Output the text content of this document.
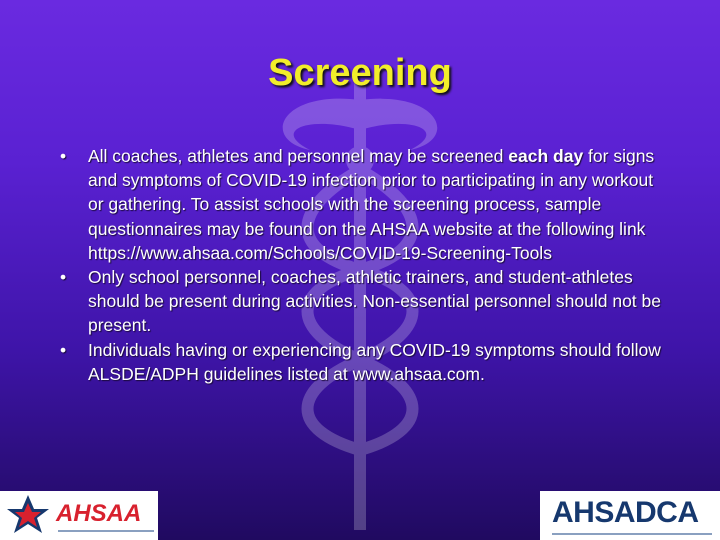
Screening
• All coaches, athletes and personnel may be screened each day for signs and symptoms of COVID-19 infection prior to participating in any workout or gathering. To assist schools with the screening process, sample questionnaires may be found on the AHSAA website at the following link https://www.ahsaa.com/Schools/COVID-19-Screening-Tools
• Only school personnel, coaches, athletic trainers, and student-athletes should be present during activities. Non-essential personnel should not be present.
• Individuals having or experiencing any COVID-19 symptoms should follow ALSDE/ADPH guidelines listed at www.ahsaa.com.
AHSAA	AHSADCA
